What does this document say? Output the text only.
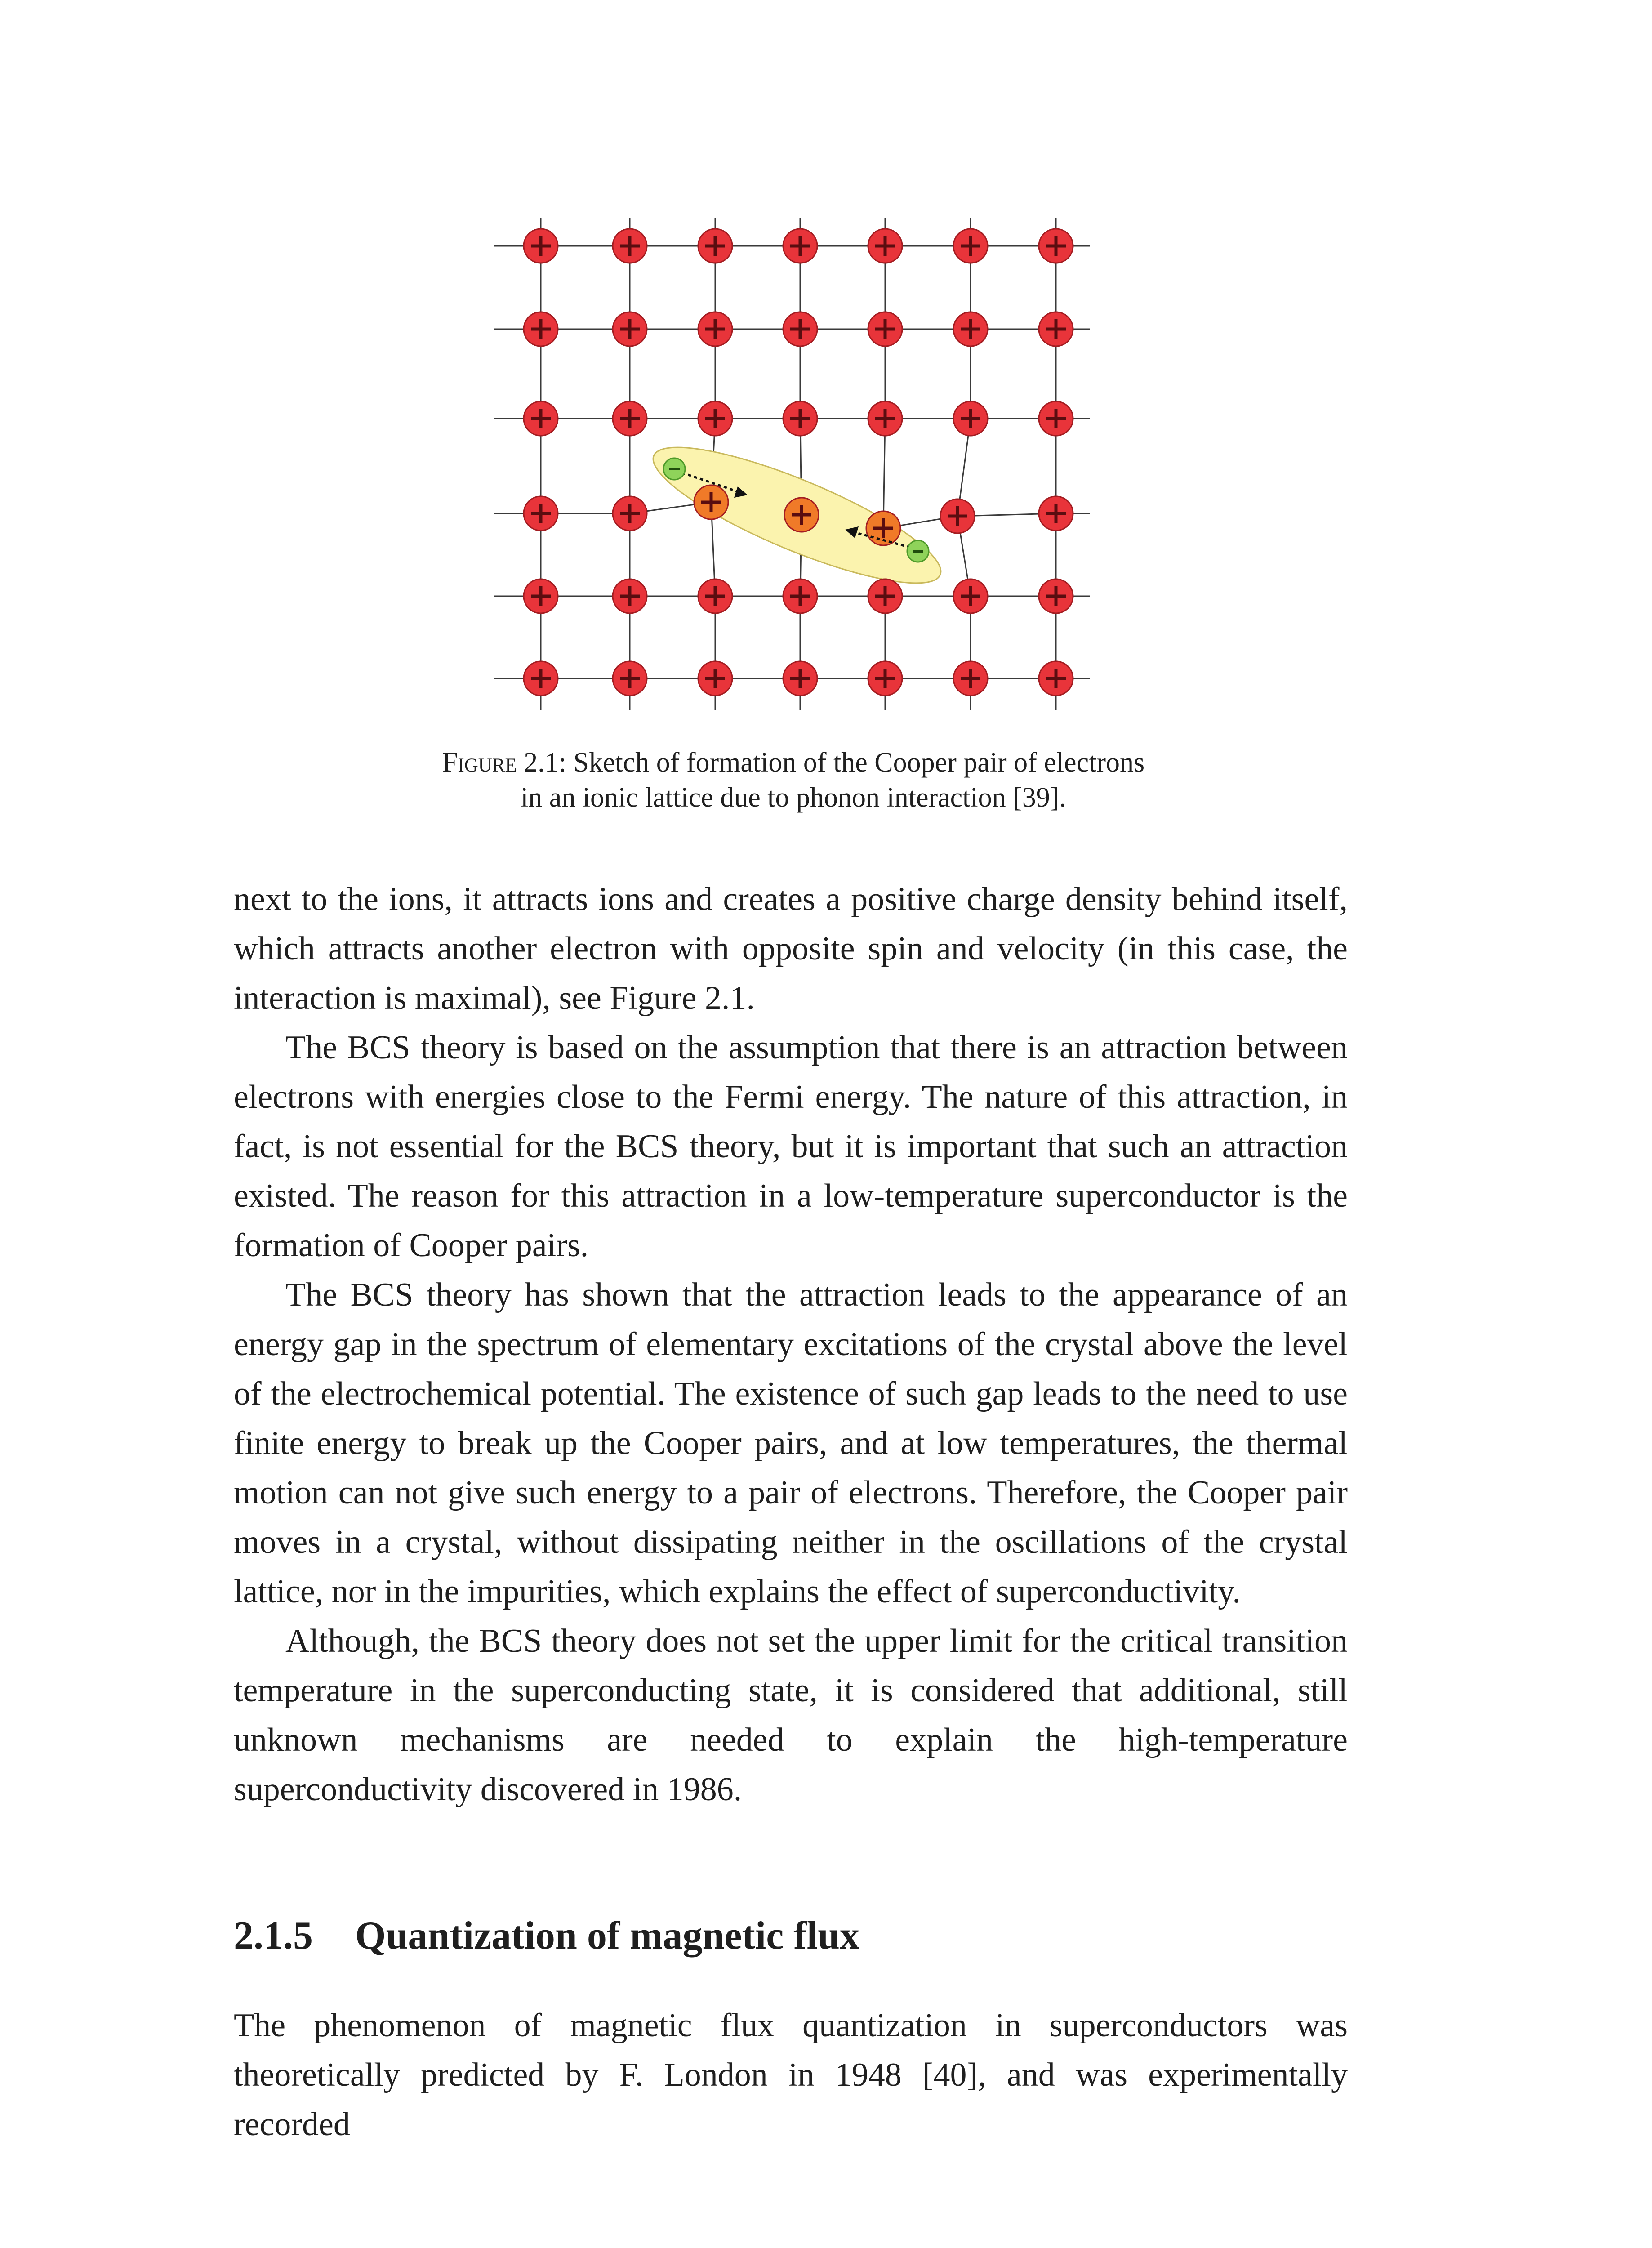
Figure 2.1: Sketch of formation of the Cooper pair of electrons
in an ionic lattice due to phonon interaction [39].

next to the ions, it attracts ions and creates a positive charge density behind itself, which attracts another electron with opposite spin and velocity (in this case, the interaction is maximal), see Figure 2.1.

The BCS theory is based on the assumption that there is an attraction between electrons with energies close to the Fermi energy. The nature of this attraction, in fact, is not essential for the BCS theory, but it is important that such an attraction existed. The reason for this attraction in a low-temperature superconductor is the formation of Cooper pairs.

The BCS theory has shown that the attraction leads to the appearance of an energy gap in the spectrum of elementary excitations of the crystal above the level of the electrochemical potential. The existence of such gap leads to the need to use finite energy to break up the Cooper pairs, and at low temperatures, the thermal motion can not give such energy to a pair of electrons. Therefore, the Cooper pair moves in a crystal, without dissipating neither in the oscillations of the crystal lattice, nor in the impurities, which explains the effect of superconductivity.

Although, the BCS theory does not set the upper limit for the critical transition temperature in the superconducting state, it is considered that additional, still unknown mechanisms are needed to explain the high-temperature superconductivity discovered in 1986.

2.1.5 Quantization of magnetic flux

The phenomenon of magnetic flux quantization in superconductors was theoretically predicted by F. London in 1948 [40], and was experimentally recorded
